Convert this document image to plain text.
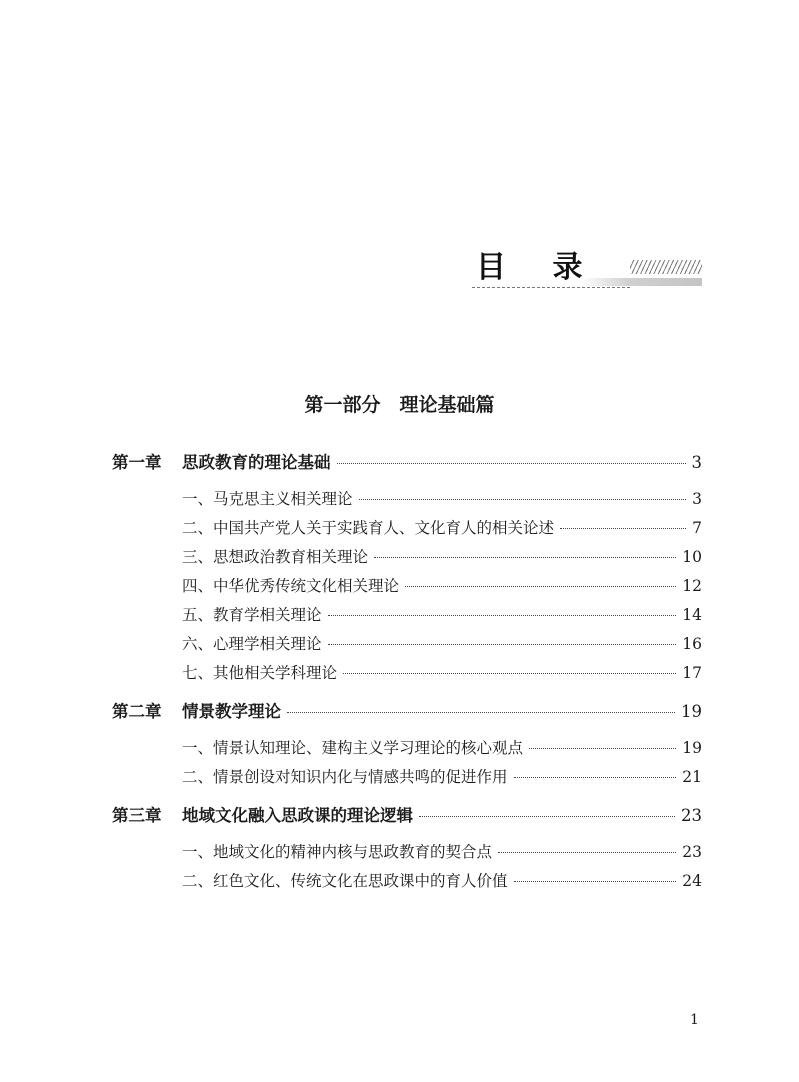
目 录
第一部分　理论基础篇
第一章	思政教育的理论基础	3
一、马克思主义相关理论	3
二、中国共产党人关于实践育人、文化育人的相关论述	7
三、思想政治教育相关理论	10
四、中华优秀传统文化相关理论	12
五、教育学相关理论	14
六、心理学相关理论	16
七、其他相关学科理论	17
第二章	情景教学理论	19
一、情景认知理论、建构主义学习理论的核心观点	19
二、情景创设对知识内化与情感共鸣的促进作用	21
第三章	地域文化融入思政课的理论逻辑	23
一、地域文化的精神内核与思政教育的契合点	23
二、红色文化、传统文化在思政课中的育人价值	24
1
